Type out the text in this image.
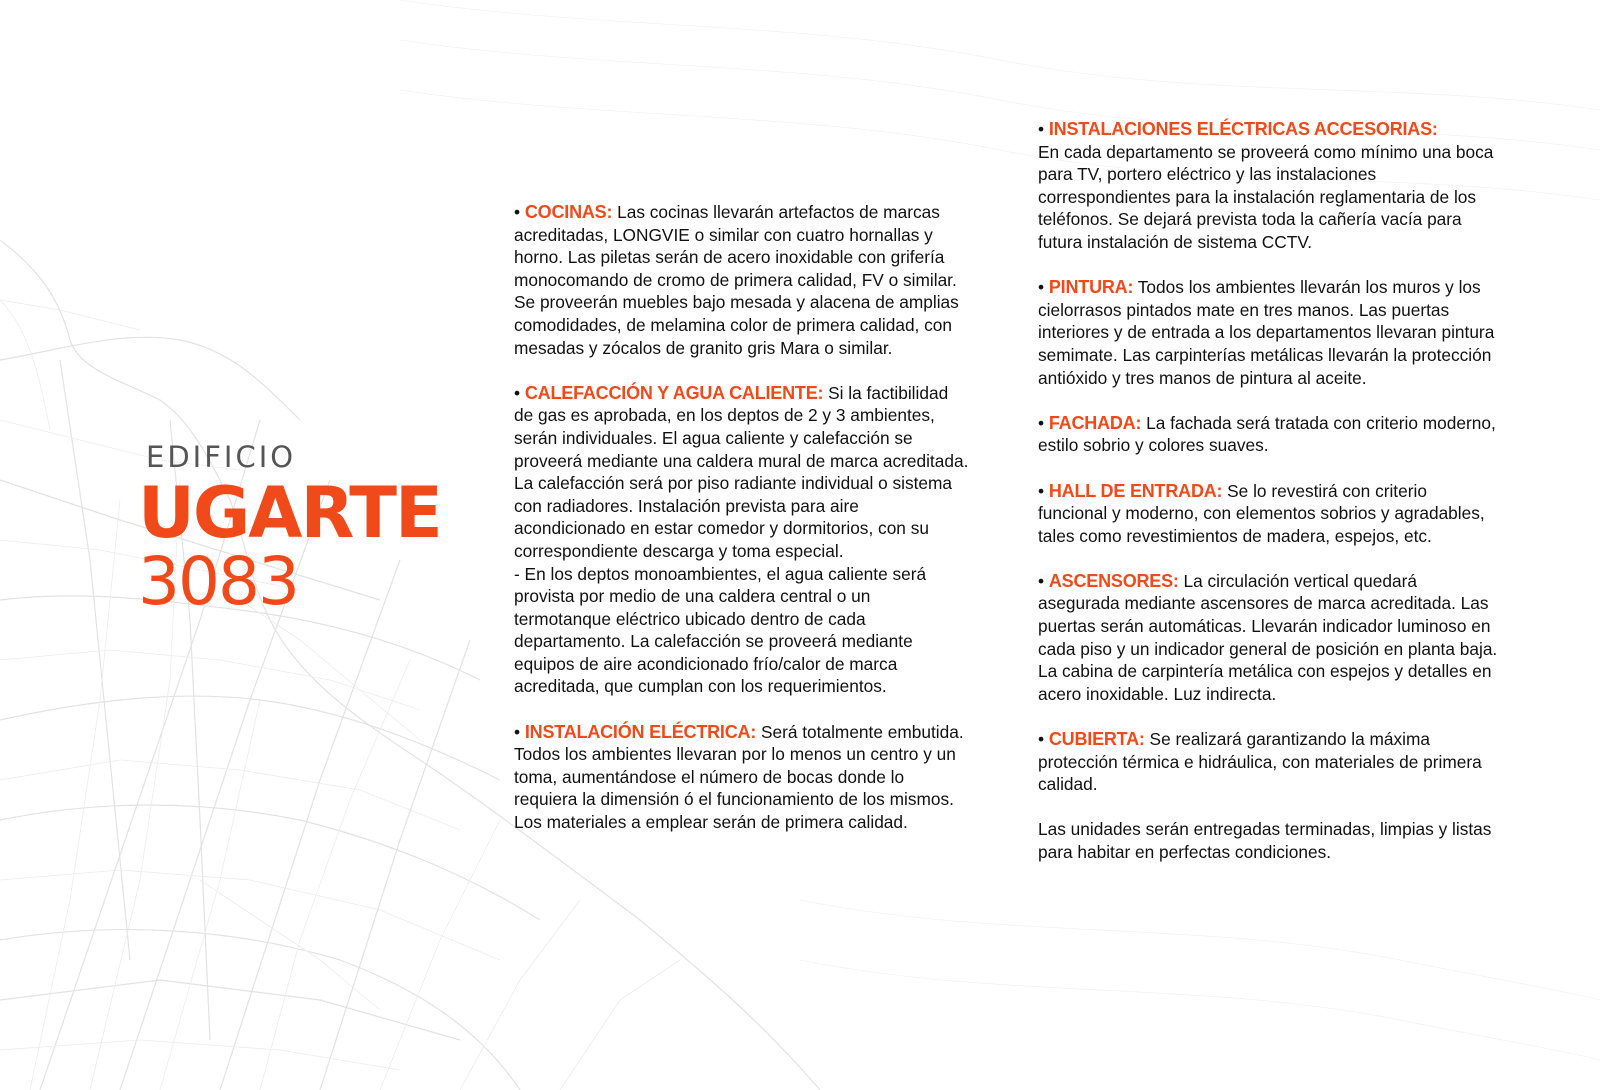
EDIFICIO
UGARTE
3083

• COCINAS: Las cocinas llevarán artefactos de marcas acreditadas, LONGVIE o similar con cuatro hornallas y horno. Las piletas serán de acero inoxidable con grifería monocomando de cromo de primera calidad, FV o similar. Se proveerán muebles bajo mesada y alacena de amplias comodidades, de melamina color de primera calidad, con mesadas y zócalos de granito gris Mara o similar.

• CALEFACCIÓN Y AGUA CALIENTE: Si la factibilidad de gas es aprobada, en los deptos de 2 y 3 ambientes, serán individuales. El agua caliente y calefacción se proveerá mediante una caldera mural de marca acreditada. La calefacción será por piso radiante individual o sistema con radiadores. Instalación prevista para aire acondicionado en estar comedor y dormitorios, con su correspondiente descarga y toma especial.
- En los deptos monoambientes, el agua caliente será provista por medio de una caldera central o un termotanque eléctrico ubicado dentro de cada departamento. La calefacción se proveerá mediante equipos de aire acondicionado frío/calor de marca acreditada, que cumplan con los requerimientos.

• INSTALACIÓN ELÉCTRICA: Será totalmente embutida. Todos los ambientes llevaran por lo menos un centro y un toma, aumentándose el número de bocas donde lo requiera la dimensión ó el funcionamiento de los mismos. Los materiales a emplear serán de primera calidad.

• INSTALACIONES ELÉCTRICAS ACCESORIAS:
En cada departamento se proveerá como mínimo una boca para TV, portero eléctrico y las instalaciones correspondientes para la instalación reglamentaria de los teléfonos. Se dejará prevista toda la cañería vacía para futura instalación de sistema CCTV.

• PINTURA: Todos los ambientes llevarán los muros y los cielorrasos pintados mate en tres manos. Las puertas interiores y de entrada a los departamentos llevaran pintura semimate. Las carpinterías metálicas llevarán la protección antióxido y tres manos de pintura al aceite.

• FACHADA: La fachada será tratada con criterio moderno, estilo sobrio y colores suaves.

• HALL DE ENTRADA: Se lo revestirá con criterio funcional y moderno, con elementos sobrios y agradables, tales como revestimientos de madera, espejos, etc.

• ASCENSORES: La circulación vertical quedará asegurada mediante ascensores de marca acreditada. Las puertas serán automáticas. Llevarán indicador luminoso en cada piso y un indicador general de posición en planta baja. La cabina de carpintería metálica con espejos y detalles en acero inoxidable. Luz indirecta.

• CUBIERTA: Se realizará garantizando la máxima protección térmica e hidráulica, con materiales de primera calidad.

Las unidades serán entregadas terminadas, limpias y listas para habitar en perfectas condiciones.
